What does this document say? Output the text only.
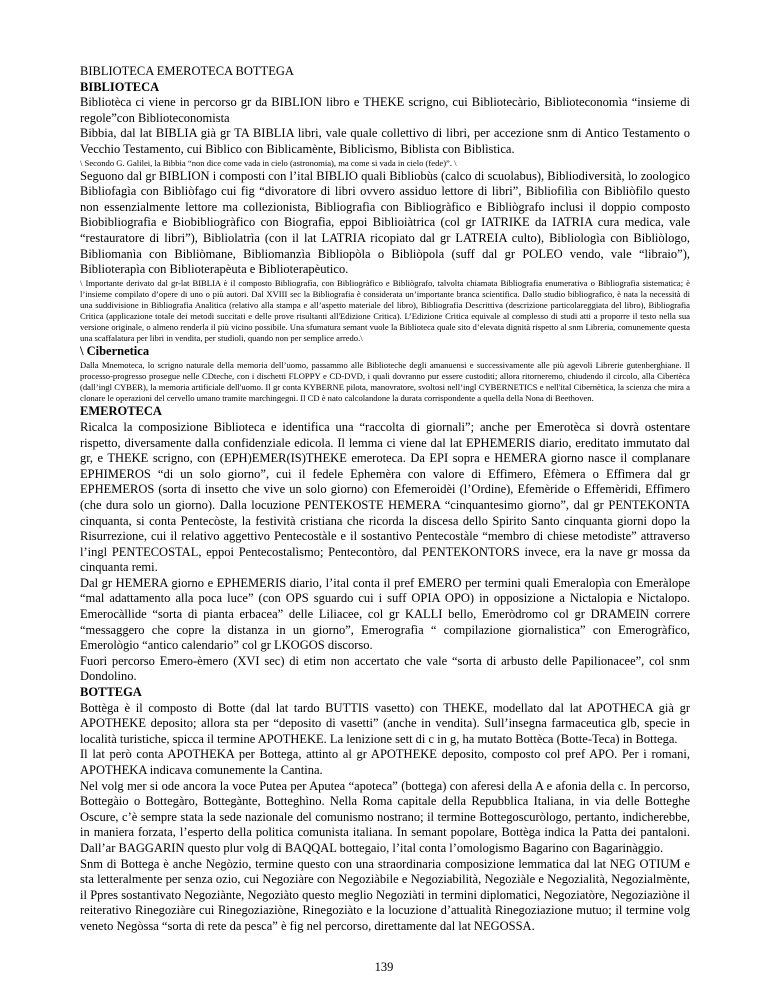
BIBLIOTECA EMEROTECA BOTTEGA

BIBLIOTECA

Bibliotèca ci viene in percorso gr da BIBLION libro e THEKE scrigno, cui Bibliotecàrio, Biblioteconomìa “insieme di regole”con Biblioteconomista

Bibbia, dal lat BIBLIA già gr TA BIBLIA libri, vale quale collettivo di libri, per accezione snm di Antico Testamento o Vecchio Testamento, cui Bìblico con Biblicamènte, Biblicìsmo, Biblista con Biblìstica.

\ Secondo G. Galilei, la Bibbia “non dice come vada in cielo (astronomia), ma come si vada in cielo (fede)”. \

Seguono dal gr BIBLION i composti con l’ital BIBLIO quali Bibliobùs (calco di scuolabus), Bibliodiversità, lo zoologico Bibliofagìa con Bibliòfago cui fig “divoratore di libri ovvero assiduo lettore di libri”, Bibliofilìa con Bibliòfilo questo non essenzialmente lettore ma collezionista, Bibliografìa con Bibliogràfico e Bibliògrafo inclusi il doppio composto Biobibliografìa e Biobibliogràfico con Biografìa, eppoi Biblioiàtrica (col gr IATRIKE da IATRIA cura medica, vale “restauratore di libri”), Bibliolatrìa (con il lat LATRIA ricopiato dal gr LATREIA culto), Bibliologìa con Bibliòlogo, Bibliomanìa con Bibliòmane, Bibliomanzìa Bibliopòla o Bibliòpola (suff dal gr POLEO vendo, vale “libraio”), Biblioterapìa con Biblioterapèuta e Biblioterapèutico.

\ Importante derivato dal gr-lat BIBLIA è il composto Bibliografìa, con Bibliogràfico e Bibliògrafo, talvolta chiamata Bibliografia enumerativa o Bibliografia sistematica; è l’insieme compilato d’opere di uno o più autori. Dal XVIII sec la Bibliografia è considerata un’importante branca scientifica. Dallo studio bibliografico, è nata la necessità di una suddivisione in Bibliografia Analitica (relativo alla stampa e all’aspetto materiale del libro), Bibliografia Descrittiva (descrizione particolareggiata del libro), Bibliografia Critica (applicazione totale dei metodi succitati e delle prove risultanti all'Edizione Critica). L’Edizione Critica equivale al complesso di studi atti a proporre il testo nella sua versione originale, o almeno renderla il più vicino possibile. Una sfumatura semant vuole la Biblioteca quale sito d’elevata dignità rispetto al snm Libreria, comunemente questa una scaffalatura per libri in vendita, per studioli, quando non per semplice arredo.\

\ Cibernetica

Dalla Mnemoteca, lo scrigno naturale della memoria dell’uomo, passammo alle Biblioteche degli amanuensi e successivamente alle più agevoli Librerie gutenberghiane. Il processo-progresso prosegue nelle CDteche, con i dischetti FLOPPY e CD-DVD, i quali dovranno pur essere custoditi; allora ritorneremo, chiudendo il circolo, alla Cibertèca (dall’ingl CYBER), la memoria artificiale dell'uomo. Il gr conta KYBERNE pilota, manovratore, svoltosi nell’ingl CYBERNETICS e nell'ital Cibernètica, la scienza che mira a clonare le operazioni del cervello umano tramite marchingegni. Il CD è nato calcolandone la durata corrispondente a quella della Nona di Beethoven.

EMEROTECA

Ricalca la composizione Biblioteca e identifica una “raccolta di giornali”; anche per Emerotèca si dovrà ostentare rispetto, diversamente dalla confidenziale edicola. Il lemma ci viene dal lat EPHEMERIS diario, ereditato immutato dal gr, e THEKE scrigno, con (EPH)EMER(IS)THEKE emeroteca. Da EPI sopra e HEMERA giorno nasce il complanare EPHIMEROS “di un solo giorno”, cui il fedele Ephemèra con valore di Effìmero, Efèmera o Effìmera dal gr EPHEMEROS (sorta di insetto che vive un solo giorno) con Efemeroidèi (l’Ordine), Efemèride o Effemèridi, Effìmero (che dura solo un giorno). Dalla locuzione PENTEKOSTE HEMERA “cinquantesimo giorno”, dal gr PENTEKONTA cinquanta, si conta Pentecòste, la festività cristiana che ricorda la discesa dello Spirito Santo cinquanta giorni dopo la Risurrezione, cui il relativo aggettivo Pentecostàle e il sostantivo Pentecostàle “membro di chiese metodiste” attraverso l’ingl PENTECOSTAL, eppoi Pentecostalìsmo; Pentecontòro, dal PENTEKONTORS invece, era la nave gr mossa da cinquanta remi.

Dal gr HEMERA giorno e EPHEMERIS diario, l’ital conta il pref EMERO per termini quali Emeralopìa con Emeràlope “mal adattamento alla poca luce” (con OPS sguardo cui i suff OPIA OPO) in opposizione a Nictalopia e Nictalopo. Emerocàllide “sorta di pianta erbacea” delle Liliacee, col gr KALLI bello, Emeròdromo col gr DRAMEIN correre “messaggero che copre la distanza in un giorno”, Emerografìa “ compilazione giornalistica” con Emerogràfico, Emerològio “antico calendario” col gr LKOGOS discorso.

Fuori percorso Emero-èmero (XVI sec) di etim non accertato che vale “sorta di arbusto delle Papilionacee”, col snm Dondolino.

BOTTEGA

Bottèga è il composto di Botte (dal lat tardo BUTTIS vasetto) con THEKE, modellato dal lat APOTHECA già gr APOTHEKE deposito; allora sta per “deposito di vasetti” (anche in vendita). Sull’insegna farmaceutica glb, specie in località turistiche, spicca il termine APOTHEKE. La lenizione sett di c in g, ha mutato Bottèca (Botte-Teca) in Bottega.

Il lat però conta APOTHEKA per Bottega, attinto al gr APOTHEKE deposito, composto col pref APO. Per i romani, APOTHEKA indicava comunemente la Cantina.

Nel volg mer si ode ancora la voce Putea per Aputea “apoteca” (bottega) con aferesi della A e afonia della c. In percorso, Bottegàio o Bottegàro, Bottegànte, Botteghìno. Nella Roma capitale della Repubblica Italiana, in via delle Botteghe Oscure, c’è sempre stata la sede nazionale del comunismo nostrano; il termine Bottegoscuròlogo, pertanto, indicherebbe, in maniera forzata, l’esperto della politica comunista italiana. In semant popolare, Bottèga indica la Patta dei pantaloni. Dall’ar BAGGARIN questo plur volg di BAQQAL bottegaio, l’ital conta l’omologismo Bagarino con Bagarinàggio.

Snm di Bottega è anche Negòzio, termine questo con una straordinaria composizione lemmatica dal lat NEG OTIUM e sta letteralmente per senza ozio, cui Negoziàre con Negoziàbile e Negoziabilità, Negoziàle e Negozialità, Negozialmènte, il Ppres sostantivato Negoziànte, Negoziàto questo meglio Negoziàti in termini diplomatici, Negoziatòre, Negoziaziòne il reiterativo Rinegoziàre cui Rinegoziaziòne, Rinegoziàto e la locuzione d’attualità Rinegoziazione mutuo; il termine volg veneto Negòssa “sorta di rete da pesca” è fig nel percorso, direttamente dal lat NEGOSSA.

139
